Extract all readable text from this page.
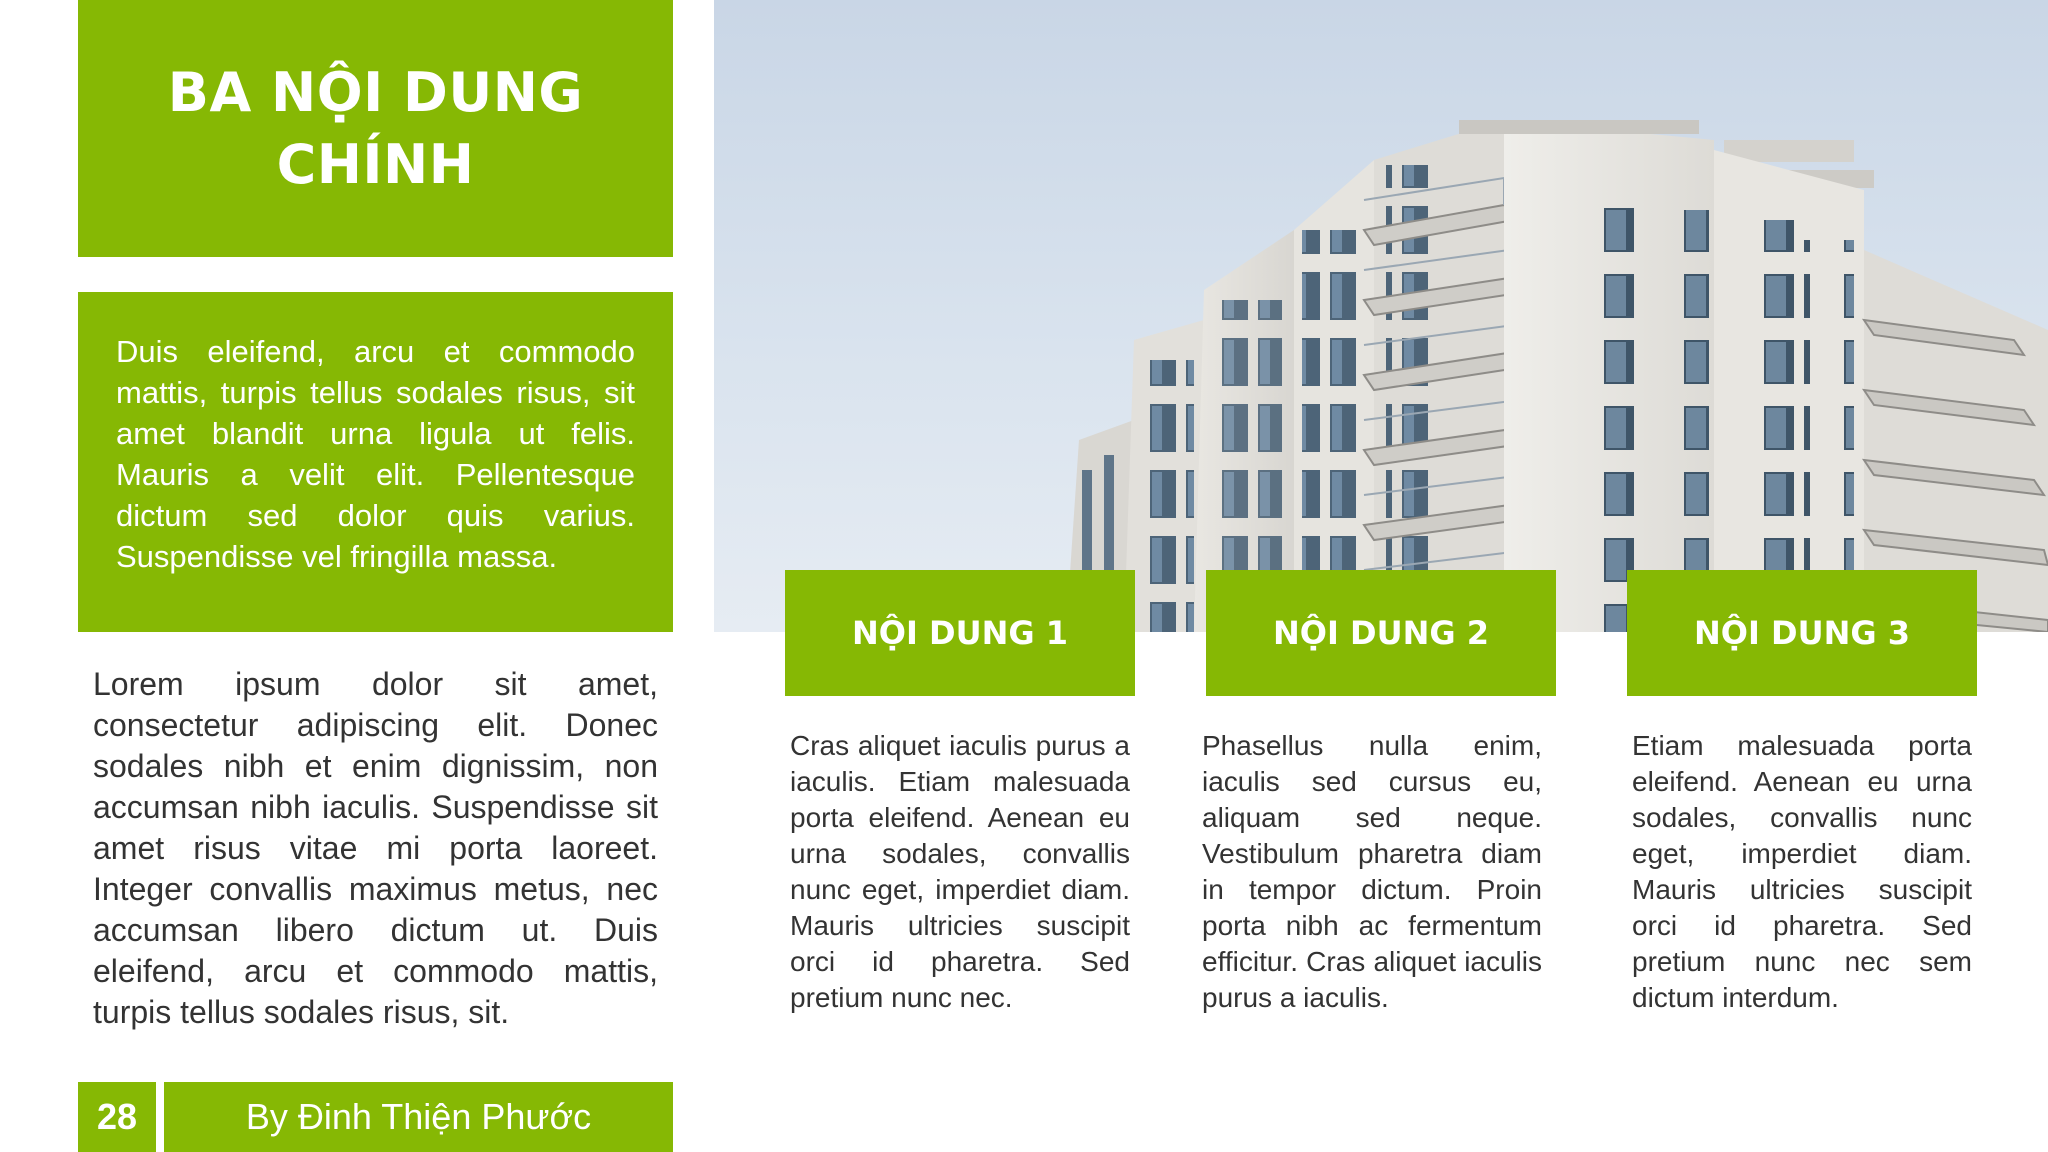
BA NỘI DUNG CHÍNH

Duis eleifend, arcu et commodo mattis, turpis tellus sodales risus, sit amet blandit urna ligula ut felis. Mauris a velit elit. Pellentesque dictum sed dolor quis varius. Suspendisse vel fringilla massa.

Lorem ipsum dolor sit amet, consectetur adipiscing elit. Donec sodales nibh et enim dignissim, non accumsan nibh iaculis. Suspendisse sit amet risus vitae mi porta laoreet. Integer convallis maximus metus, nec accumsan libero dictum ut. Duis eleifend, arcu et commodo mattis, turpis tellus sodales risus, sit.

28	By Đinh Thiện Phước
NỘI DUNG 1

Cras aliquet iaculis purus a iaculis. Etiam malesuada porta eleifend. Aenean eu urna sodales, convallis nunc eget, imperdiet diam. Mauris ultricies suscipit orci id pharetra. Sed pretium nunc nec.

NỘI DUNG 2

Phasellus nulla enim, iaculis sed cursus eu, aliquam sed neque. Vestibulum pharetra diam in tempor dictum. Proin porta nibh ac fermentum efficitur. Cras aliquet iaculis purus a iaculis.

NỘI DUNG 3

Etiam malesuada porta eleifend. Aenean eu urna sodales, convallis nunc eget, imperdiet diam. Mauris ultricies suscipit orci id pharetra. Sed pretium nunc nec sem dictum interdum.
